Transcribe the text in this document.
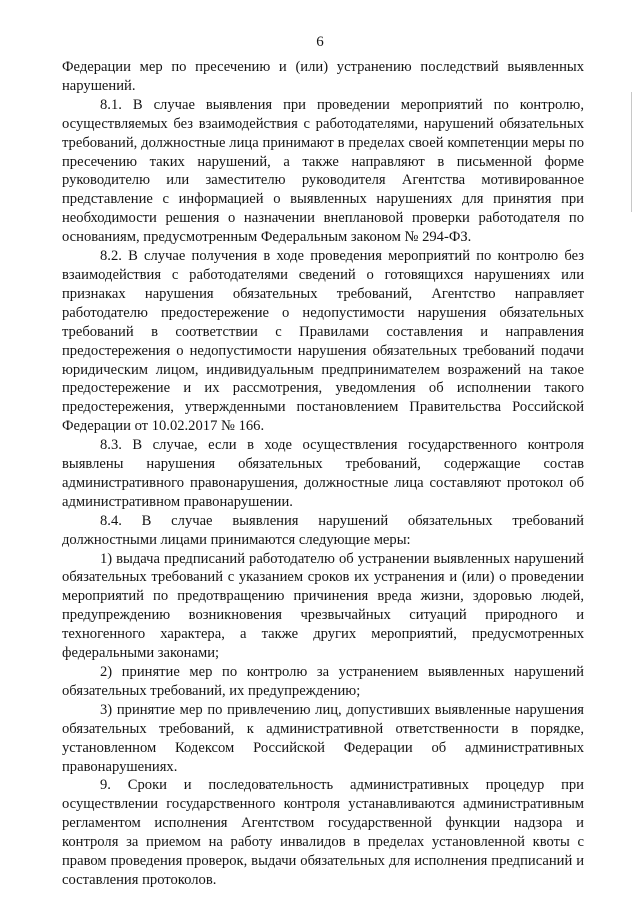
6

Федерации мер по пресечению и (или) устранению последствий выявленных нарушений.

8.1. В случае выявления при проведении мероприятий по контролю, осуществляемых без взаимодействия с работодателями, нарушений обязательных требований, должностные лица принимают в пределах своей компетенции меры по пресечению таких нарушений, а также направляют в письменной форме руководителю или заместителю руководителя Агентства мотивированное представление с информацией о выявленных нарушениях для принятия при необходимости решения о назначении внеплановой проверки работодателя по основаниям, предусмотренным Федеральным законом № 294-ФЗ.

8.2. В случае получения в ходе проведения мероприятий по контролю без взаимодействия с работодателями сведений о готовящихся нарушениях или признаках нарушения обязательных требований, Агентство направляет работодателю предостережение о недопустимости нарушения обязательных требований в соответствии с Правилами составления и направления предостережения о недопустимости нарушения обязательных требований подачи юридическим лицом, индивидуальным предпринимателем возражений на такое предостережение и их рассмотрения, уведомления об исполнении такого предостережения, утвержденными постановлением Правительства Российской Федерации от 10.02.2017 № 166.

8.3. В случае, если в ходе осуществления государственного контроля выявлены нарушения обязательных требований, содержащие состав административного правонарушения, должностные лица составляют протокол об административном правонарушении.

8.4. В случае выявления нарушений обязательных требований должностными лицами принимаются следующие меры:

1) выдача предписаний работодателю об устранении выявленных нарушений обязательных требований с указанием сроков их устранения и (или) о проведении мероприятий по предотвращению причинения вреда жизни, здоровью людей, предупреждению возникновения чрезвычайных ситуаций природного и техногенного характера, а также других мероприятий, предусмотренных федеральными законами;

2) принятие мер по контролю за устранением выявленных нарушений обязательных требований, их предупреждению;

3) принятие мер по привлечению лиц, допустивших выявленные нарушения обязательных требований, к административной ответственности в порядке, установленном Кодексом Российской Федерации об административных правонарушениях.

9. Сроки и последовательность административных процедур при осуществлении государственного контроля устанавливаются административным регламентом исполнения Агентством государственной функции надзора и контроля за приемом на работу инвалидов в пределах установленной квоты с правом проведения проверок, выдачи обязательных для исполнения предписаний и составления протоколов.
